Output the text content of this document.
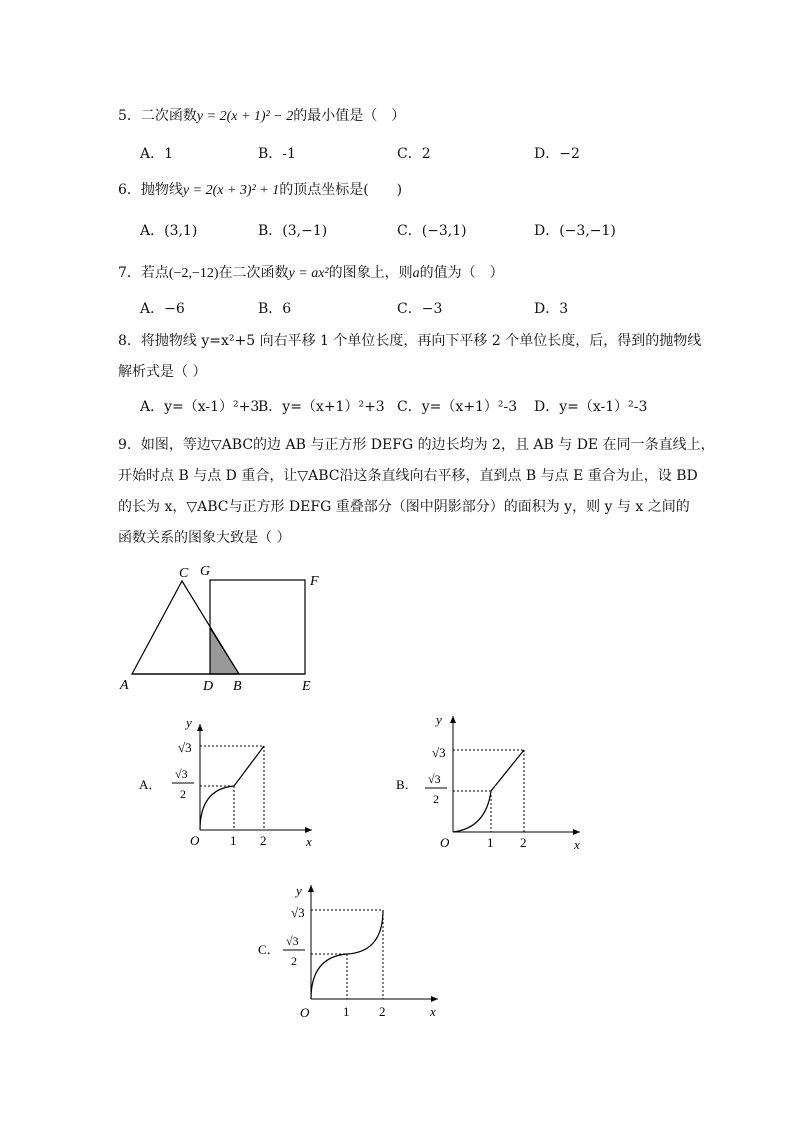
5．二次函数y = 2(x + 1)² − 2的最小值是（　）
A．1	B．-1	C．2	D．−2
6．抛物线y = 2(x + 3)² + 1的顶点坐标是(　　)
A．(3,1)	B．(3,−1)	C．(−3,1)	D．(−3,−1)
7．若点(−2,−12)在二次函数y = ax²的图象上，则a的值为（　）
A．−6	B．6	C．−3	D．3
8．将抛物线 y=x²+5 向右平移 1 个单位长度，再向下平移 2 个单位长度，后，得到的抛物线
解析式是（ ）
A．y=（x-1）²+3
B．y=（x+1）²+3 C．y=（x+1）²-3 D．y=（x-1）²-3
9．如图，等边▽ABC的边 AB 与正方形 DEFG 的边长均为 2，且 AB 与 DE 在同一条直线上，
开始时点 B 与点 D 重合，让▽ABC沿这条直线向右平移，直到点 B 与点 E 重合为止，设 BD
的长为 x，▽ABC与正方形 DEFG 重叠部分（图中阴影部分）的面积为 y，则 y 与 x 之间的
函数关系的图象大致是（ ）
C G
F
A	D B	E
A．
y
√3
√3
2
O 1 2	x
B．
y
√3
√3
2
O	1 2	x
C．
y
√3
√3
2
O	1 2	x
